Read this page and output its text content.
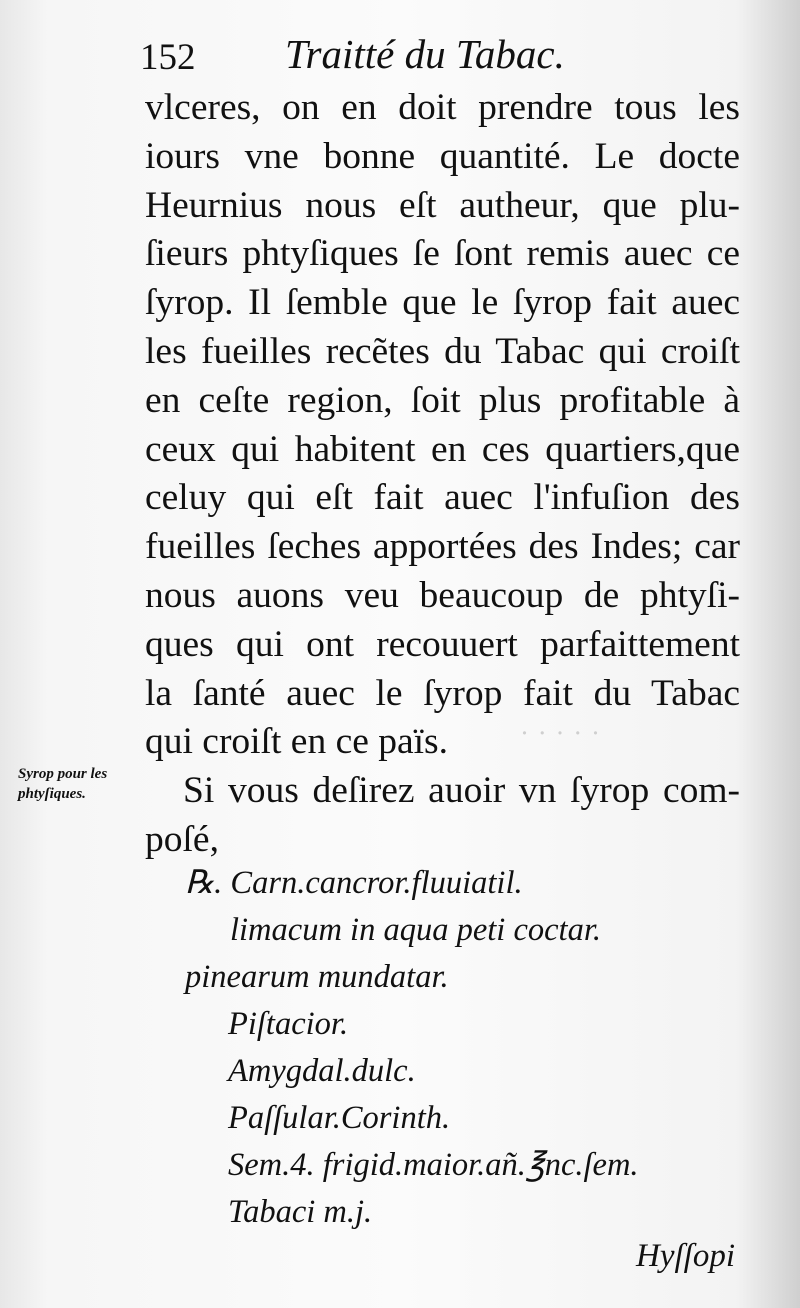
· · · · ·
152 Traitté du Tabac.
vlceres, on en doit prendre tous les
iours vne bonne quantité. Le docte
Heurnius nous eſt autheur, que plu-
ſieurs phtyſiques ſe ſont remis auec ce
ſyrop. Il ſemble que le ſyrop fait auec
les fueilles recẽtes du Tabac qui croiſt
en ceſte region, ſoit plus profitable à
ceux qui habitent en ces quartiers,que
celuy qui eſt fait auec l'infuſion des
fueilles ſeches apportées des Indes; car
nous auons veu beaucoup de phtyſi-
ques qui ont recouuert parfaittement
la ſanté auec le ſyrop fait du Tabac
qui croiſt en ce païs.
Si vous deſirez auoir vn ſyrop com-
poſé,
Syrop pour les
phtyſiques.
℞. Carn.cancror.fluuiatil.
limacum in aqua peti coctar.
pinearum mundatar.
Piſtacior.
Amygdal.dulc.
Paſſular.Corinth.
Sem.4. frigid.maior.añ.℥nc.ſem.
Tabaci m.j.
Hyſſopi
